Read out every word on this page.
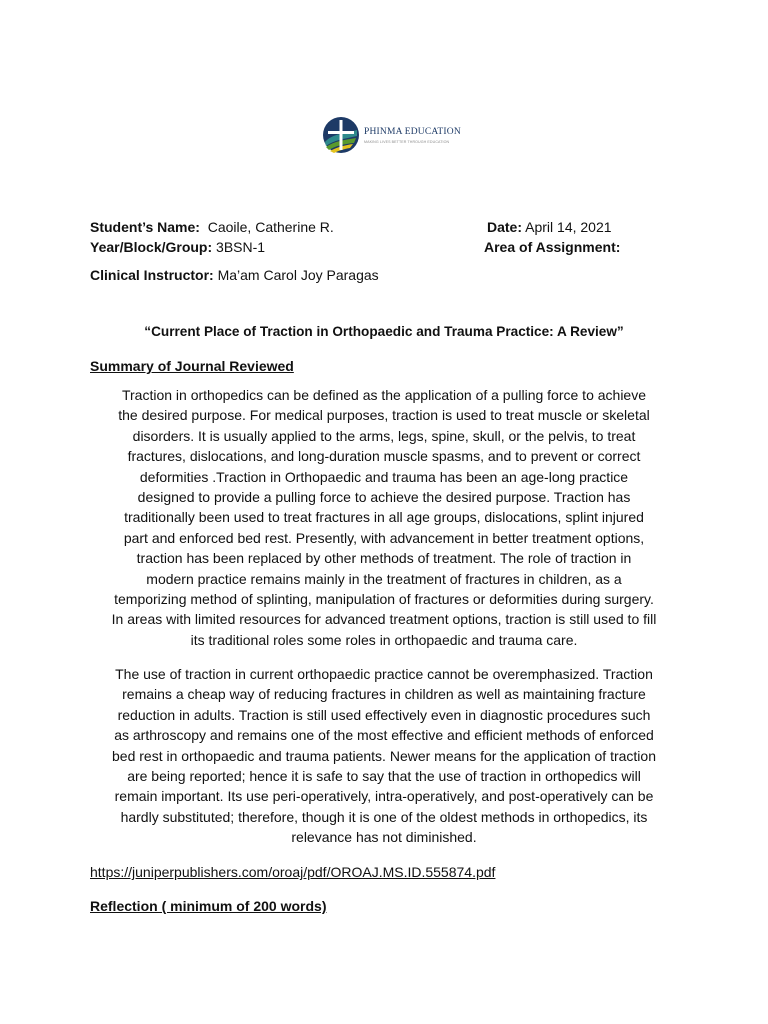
PHINMA EDUCATION
MAKING LIVES BETTER THROUGH EDUCATION
Student’s Name: Caoile, Catherine R.	Date: April 14, 2021
Year/Block/Group: 3BSN-1	Area of Assignment:
Clinical Instructor: Ma’am Carol Joy Paragas
“Current Place of Traction in Orthopaedic and Trauma Practice: A Review”
Summary of Journal Reviewed
Traction in orthopedics can be defined as the application of a pulling force to achieve
the desired purpose. For medical purposes, traction is used to treat muscle or skeletal
disorders. It is usually applied to the arms, legs, spine, skull, or the pelvis, to treat
fractures, dislocations, and long-duration muscle spasms, and to prevent or correct
deformities .Traction in Orthopaedic and trauma has been an age-long practice
designed to provide a pulling force to achieve the desired purpose. Traction has
traditionally been used to treat fractures in all age groups, dislocations, splint injured
part and enforced bed rest. Presently, with advancement in better treatment options,
traction has been replaced by other methods of treatment. The role of traction in
modern practice remains mainly in the treatment of fractures in children, as a
temporizing method of splinting, manipulation of fractures or deformities during surgery.
In areas with limited resources for advanced treatment options, traction is still used to fill
its traditional roles some roles in orthopaedic and trauma care.
The use of traction in current orthopaedic practice cannot be overemphasized. Traction
remains a cheap way of reducing fractures in children as well as maintaining fracture
reduction in adults. Traction is still used effectively even in diagnostic procedures such
as arthroscopy and remains one of the most effective and efficient methods of enforced
bed rest in orthopaedic and trauma patients. Newer means for the application of traction
are being reported; hence it is safe to say that the use of traction in orthopedics will
remain important. Its use peri-operatively, intra-operatively, and post-operatively can be
hardly substituted; therefore, though it is one of the oldest methods in orthopedics, its
relevance has not diminished.
https://juniperpublishers.com/oroaj/pdf/OROAJ.MS.ID.555874.pdf
Reflection ( minimum of 200 words)
